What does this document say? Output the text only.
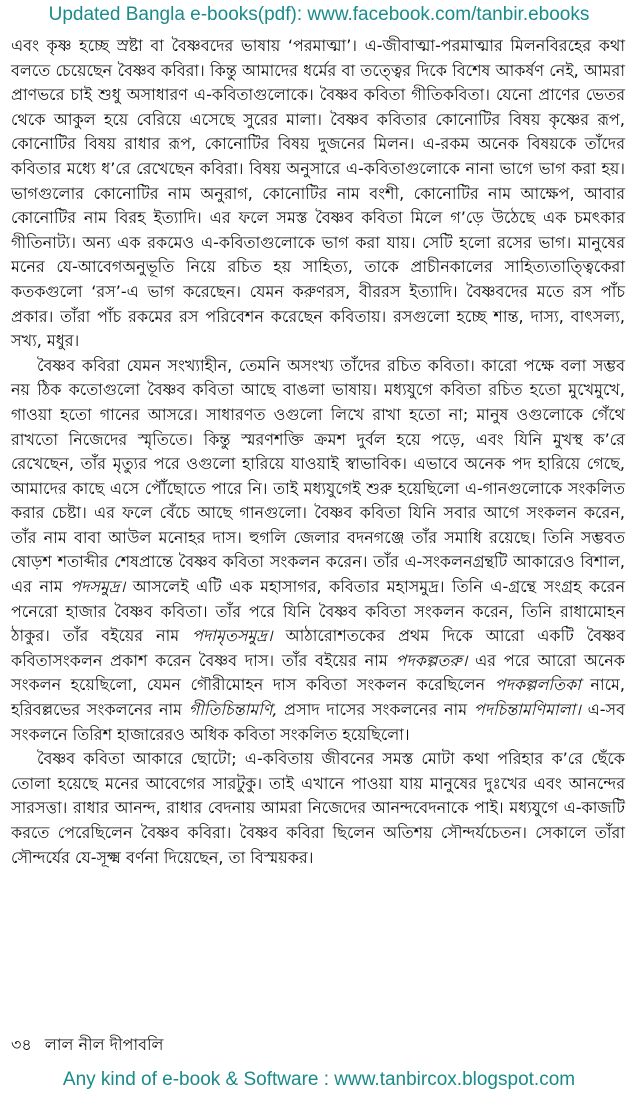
Updated Bangla e-books(pdf): www.facebook.com/tanbir.ebooks

এবং কৃষ্ণ হচ্ছে স্রষ্টা বা বৈষ্ণবদের ভাষায় ‘পরমাত্মা’। এ-জীবাত্মা-পরমাত্মার মিলনবিরহের কথা বলতে চেয়েছেন বৈষ্ণব কবিরা। কিন্তু আমাদের ধর্মের বা তত্ত্বের দিকে বিশেষ আকর্ষণ নেই, আমরা প্রাণভরে চাই শুধু অসাধারণ এ-কবিতাগুলোকে। বৈষ্ণব কবিতা গীতিকবিতা। যেনো প্রাণের ভেতর থেকে আকুল হয়ে বেরিয়ে এসেছে সুরের মালা। বৈষ্ণব কবিতার কোনোটির বিষয় কৃষ্ণের রূপ, কোনোটির বিষয় রাধার রূপ, কোনোটির বিষয় দুজনের মিলন। এ-রকম অনেক বিষয়কে তাঁদের কবিতার মধ্যে ধ’রে রেখেছেন কবিরা। বিষয় অনুসারে এ-কবিতাগুলোকে নানা ভাগে ভাগ করা হয়। ভাগগুলোর কোনোটির নাম অনুরাগ, কোনোটির নাম বংশী, কোনোটির নাম আক্ষেপ, আবার কোনোটির নাম বিরহ ইত্যাদি। এর ফলে সমস্ত বৈষ্ণব কবিতা মিলে গ’ড়ে উঠেছে এক চমৎকার গীতিনাট্য। অন্য এক রকমেও এ-কবিতাগুলোকে ভাগ করা যায়। সেটি হলো রসের ভাগ। মানুষের মনের যে-আবেগঅনুভূতি নিয়ে রচিত হয় সাহিত্য, তাকে প্রাচীনকালের সাহিত্যতাত্ত্বিকেরা কতকগুলো ‘রস’-এ ভাগ করেছেন। যেমন করুণরস, বীররস ইত্যাদি। বৈষ্ণবদের মতে রস পাঁচ প্রকার। তাঁরা পাঁচ রকমের রস পরিবেশন করেছেন কবিতায়। রসগুলো হচ্ছে শান্ত, দাস্য, বাৎসল্য, সখ্য, মধুর।

বৈষ্ণব কবিরা যেমন সংখ্যাহীন, তেমনি অসংখ্য তাঁদের রচিত কবিতা। কারো পক্ষে বলা সম্ভব নয় ঠিক কতোগুলো বৈষ্ণব কবিতা আছে বাঙলা ভাষায়। মধ্যযুগে কবিতা রচিত হতো মুখেমুখে, গাওয়া হতো গানের আসরে। সাধারণত ওগুলো লিখে রাখা হতো না; মানুষ ওগুলোকে গেঁথে রাখতো নিজেদের স্মৃতিতে। কিন্তু স্মরণশক্তি ক্রমশ দুর্বল হয়ে পড়ে, এবং যিনি মুখস্থ ক’রে রেখেছেন, তাঁর মৃত্যুর পরে ওগুলো হারিয়ে যাওয়াই স্বাভাবিক। এভাবে অনেক পদ হারিয়ে গেছে, আমাদের কাছে এসে পৌঁছোতে পারে নি। তাই মধ্যযুগেই শুরু হয়েছিলো এ-গানগুলোকে সংকলিত করার চেষ্টা। এর ফলে বেঁচে আছে গানগুলো। বৈষ্ণব কবিতা যিনি সবার আগে সংকলন করেন, তাঁর নাম বাবা আউল মনোহর দাস। হুগলি জেলার বদনগঞ্জে তাঁর সমাধি রয়েছে। তিনি সম্ভবত ষোড়শ শতাব্দীর শেষপ্রান্তে বৈষ্ণব কবিতা সংকলন করেন। তাঁর এ-সংকলনগ্রন্থটি আকারেও বিশাল, এর নাম পদসমুদ্র। আসলেই এটি এক মহাসাগর, কবিতার মহাসমুদ্র। তিনি এ-গ্রন্থে সংগ্রহ করেন পনেরো হাজার বৈষ্ণব কবিতা। তাঁর পরে যিনি বৈষ্ণব কবিতা সংকলন করেন, তিনি রাধামোহন ঠাকুর। তাঁর বইয়ের নাম পদামৃতসমুদ্র। আঠারোশতকের প্রথম দিকে আরো একটি বৈষ্ণব কবিতাসংকলন প্রকাশ করেন বৈষ্ণব দাস। তাঁর বইয়ের নাম পদকল্পতরু। এর পরে আরো অনেক সংকলন হয়েছিলো, যেমন গৌরীমোহন দাস কবিতা সংকলন করেছিলেন পদকল্পলতিকা নামে, হরিবল্লভের সংকলনের নাম গীতিচিন্তামণি, প্রসাদ দাসের সংকলনের নাম পদচিন্তামণিমালা। এ-সব সংকলনে তিরিশ হাজারেরও অধিক কবিতা সংকলিত হয়েছিলো।

বৈষ্ণব কবিতা আকারে ছোটো; এ-কবিতায় জীবনের সমস্ত মোটা কথা পরিহার ক’রে ছেঁকে তোলা হয়েছে মনের আবেগের সারটুকু। তাই এখানে পাওয়া যায় মানুষের দুঃখের এবং আনন্দের সারসত্তা। রাধার আনন্দ, রাধার বেদনায় আমরা নিজেদের আনন্দবেদনাকে পাই। মধ্যযুগে এ-কাজটি করতে পেরেছিলেন বৈষ্ণব কবিরা। বৈষ্ণব কবিরা ছিলেন অতিশয় সৌন্দর্যচেতন। সেকালে তাঁরা সৌন্দর্যের যে-সূক্ষ্ম বর্ণনা দিয়েছেন, তা বিস্ময়কর।

৩৪ লাল নীল দীপাবলি
Any kind of e-book & Software : www.tanbircox.blogspot.com
